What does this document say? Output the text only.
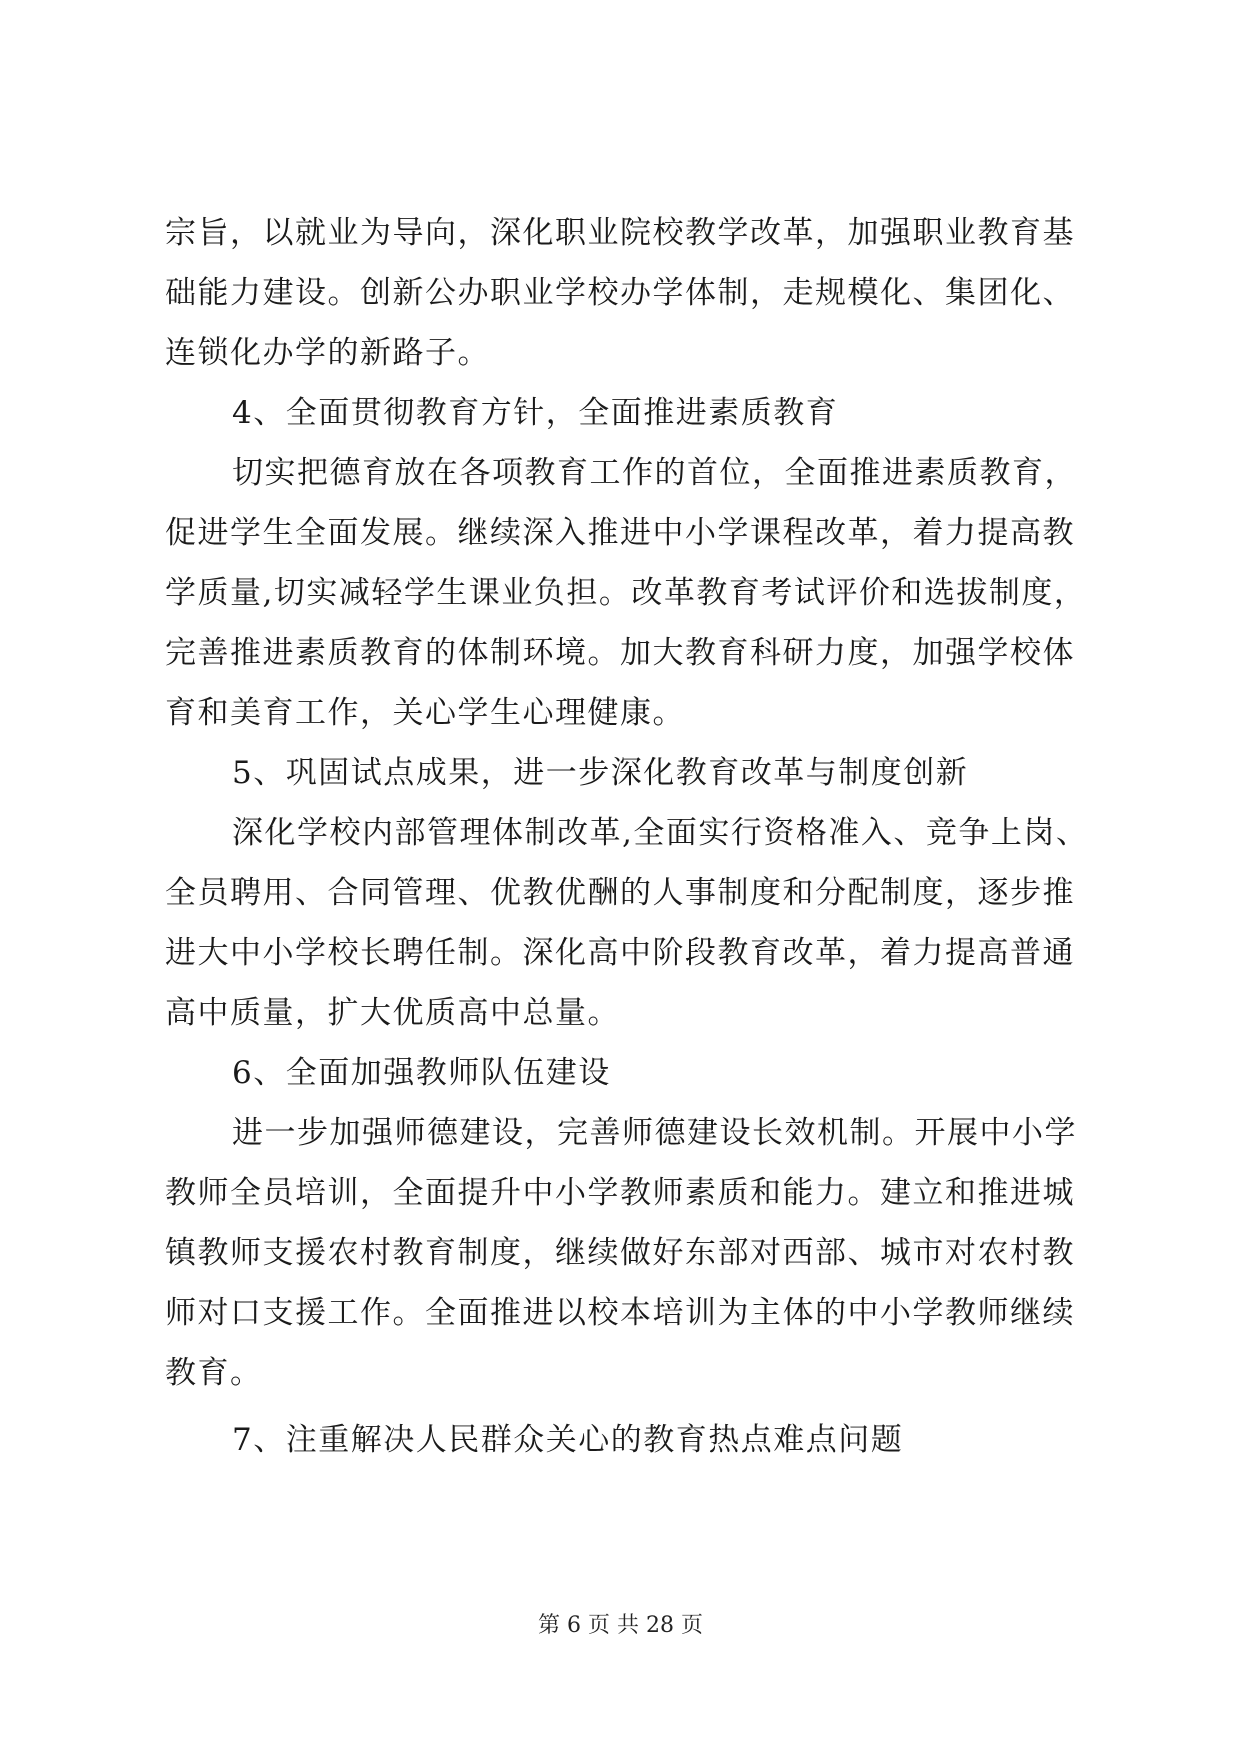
宗旨，以就业为导向，深化职业院校教学改革，加强职业教育基
础能力建设。创新公办职业学校办学体制，走规模化、集团化、
连锁化办学的新路子。
4、全面贯彻教育方针，全面推进素质教育
切实把德育放在各项教育工作的首位，全面推进素质教育，
促进学生全面发展。继续深入推进中小学课程改革，着力提高教
学质量,切实减轻学生课业负担。改革教育考试评价和选拔制度，
完善推进素质教育的体制环境。加大教育科研力度，加强学校体
育和美育工作，关心学生心理健康。
5、巩固试点成果，进一步深化教育改革与制度创新
深化学校内部管理体制改革,全面实行资格准入、竞争上岗、
全员聘用、合同管理、优教优酬的人事制度和分配制度，逐步推
进大中小学校长聘任制。深化高中阶段教育改革，着力提高普通
高中质量，扩大优质高中总量。
6、全面加强教师队伍建设
进一步加强师德建设，完善师德建设长效机制。开展中小学
教师全员培训，全面提升中小学教师素质和能力。建立和推进城
镇教师支援农村教育制度，继续做好东部对西部、城市对农村教
师对口支援工作。全面推进以校本培训为主体的中小学教师继续
教育。
7、注重解决人民群众关心的教育热点难点问题
第 6 页 共 28 页
